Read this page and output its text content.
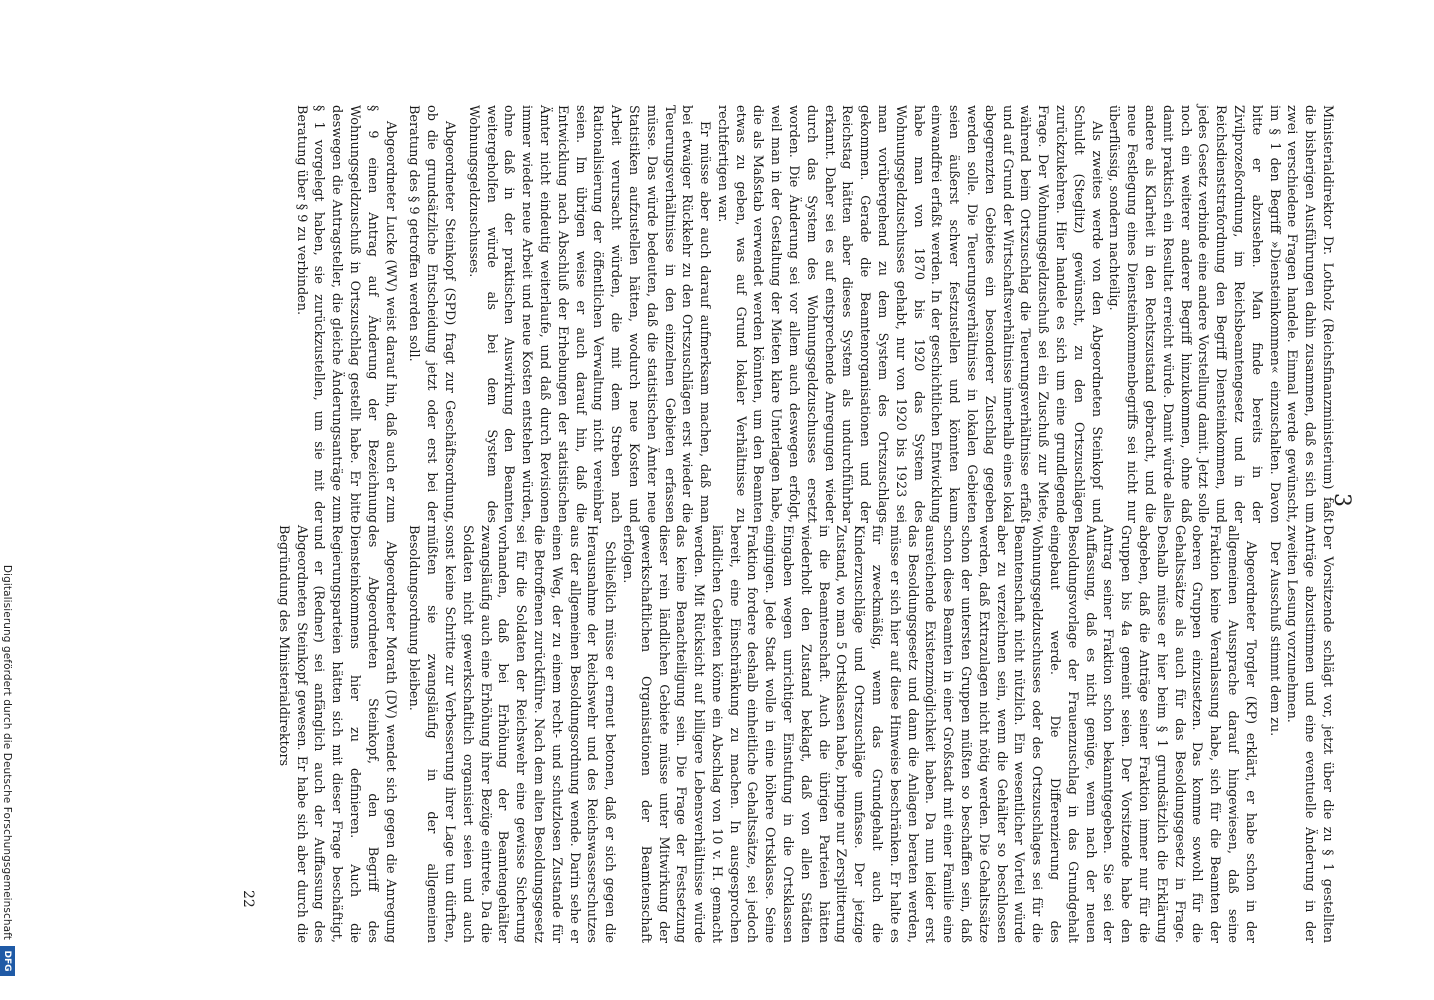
3

Ministerialdirektor Dr. Lotholz (Reichsfinanzministerium) faßt die bisherigen Ausführungen dahin zusammen, daß es sich um zwei verschiedene Fragen handele. Einmal werde gewünscht, im § 1 den Begriff »Diensteinkommen« einzuschalten. Davon bitte er abzusehen. Man finde bereits in der Zivilprozeßordnung, im Reichsbeamtengesetz und in der Reichsdienststrafordnung den Begriff Diensteinkommen, und jedes Gesetz verbinde eine andere Vorstellung damit. Jetzt solle noch ein weiterer anderer Begriff hinzukommen, ohne daß damit praktisch ein Resultat erreicht würde. Damit würde alles andere als Klarheit in den Rechtszustand gebracht, und die neue Festlegung eines Diensteinkommenbegriffs sei nicht nur überflüssig, sondern nachteilig.

Als zweites werde von den Abgeordneten Steinkopf und Schuldt (Steglitz) gewünscht, zu den Ortszuschlägen zurückzukehren. Hier handele es sich um eine grundlegende Frage. Der Wohnungsgeldzuschuß sei ein Zuschuß zur Miete, während beim Ortszuschlag die Teuerungsverhältnisse erfaßt und auf Grund der Wirtschaftsverhältnisse innerhalb eines lokal abgegrenzten Gebietes ein besonderer Zuschlag gegeben werden solle. Die Teuerungsverhältnisse in lokalen Gebieten seien äußerst schwer festzustellen und könnten kaum einwandfrei erfaßt werden. In der geschichtlichen Entwicklung habe man von 1870 bis 1920 das System des Wohnungsgeldzuschusses gehabt, nur von 1920 bis 1923 sei man vorübergehend zu dem System des Ortszuschlags gekommen. Gerade die Beamtenorganisationen und der Reichstag hätten aber dieses System als undurchführbar erkannt. Daher sei es auf entsprechende Anregungen wieder durch das System des Wohnungsgeldzuschusses ersetzt worden. Die Änderung sei vor allem auch deswegen erfolgt, weil man in der Gestaltung der Mieten klare Unterlagen habe, die als Maßstab verwendet werden könnten, um den Beamten etwas zu geben, was auf Grund lokaler Verhältnisse zu rechtfertigen war.

Er müsse aber auch darauf aufmerksam machen, daß man bei etwaiger Rückkehr zu den Ortszuschlägen erst wieder die Teuerungsverhältnisse in den einzelnen Gebieten erfassen müsse. Das würde bedeuten, daß die statistischen Ämter neue Statistiken aufzustellen hätten, wodurch neue Kosten und Arbeit verursacht würden, die mit dem Streben nach Rationalisierung der öffentlichen Verwaltung nicht vereinbar seien. Im übrigen weise er auch darauf hin, daß die Entwicklung nach Abschluß der Erhebungen der statistischen Ämter nicht eindeutig weiterlaufe, und daß durch Revisionen immer wieder neue Arbeit und neue Kosten entstehen würden, ohne daß in der praktischen Auswirkung den Beamten weitergeholfen würde als bei dem System des Wohnungsgeldzuschusses.

Abgeordneter Steinkopf (SPD) fragt zur Geschäftsordnung, ob die grundsätzliche Entscheidung jetzt oder erst bei der Beratung des § 9 getroffen werden soll.

Abgeordneter Lucke (WV) weist darauf hin, daß auch er zum § 9 einen Antrag auf Änderung der Bezeichnung Wohnungsgeldzuschuß in Ortszuschlag gestellt habe. Er bitte deswegen die Antragsteller, die gleiche Änderungsanträge zum § 1 vorgelegt haben, sie zurückzustellen, um sie mit der Beratung über § 9 zu verbinden.

Der Vorsitzende schlägt vor, jetzt über die zu § 1 gestellten Anträge abzustimmen und eine eventuelle Änderung in der zweiten Lesung vorzunehmen.

Der Ausschuß stimmt dem zu.

Abgeordneter Torgler (KP) erklärt, er habe schon in der allgemeinen Aussprache darauf hingewiesen, daß seine Fraktion keine Veranlassung habe, sich für die Beamten der oberen Gruppen einzusetzen. Das komme sowohl für die Gehaltssätze als auch für das Besoldungsgesetz in Frage. Deshalb müsse er hier beim § 1 grundsätzlich die Erklärung abgeben, daß die Anträge seiner Fraktion immer nur für die Gruppen bis 4a gemeint seien. Der Vorsitzende habe den Antrag seiner Fraktion schon bekanntgegeben. Sie sei der Auffassung, daß es nicht genüge, wenn nach der neuen Besoldungsvorlage der Frauenzuschlag in das Grundgehalt eingebaut werde. Die Differenzierung des Wohnungsgeldzuschusses oder des Ortszuschlages sei für die Beamtenschaft nicht nützlich. Ein wesentlicher Vorteil würde aber zu verzeichnen sein, wenn die Gehälter so beschlossen werden, daß Extrazulagen nicht nötig werden. Die Gehaltssätze schon der untersten Gruppen müßten so beschaffen sein, daß schon diese Beamten in einer Großstadt mit einer Familie eine ausreichende Existenzmöglichkeit haben. Da nun leider erst das Besoldungsgesetz und dann die Anlagen beraten werden, müsse er sich hier auf diese Hinweise beschränken. Er halte es für zweckmäßig, wenn das Grundgehalt auch die Kinderzuschläge und Ortszuschläge umfasse. Der jetzige Zustand, wo man 5 Ortsklassen habe, bringe nur Zersplitterung in die Beamtenschaft. Auch die übrigen Parteien hätten wiederholt den Zustand beklagt, daß von allen Städten Eingaben wegen unrichtiger Einstufung in die Ortsklassen eingingen. Jede Stadt wolle in eine höhere Ortsklasse. Seine Fraktion fordere deshalb einheitliche Gehaltssätze, sei jedoch bereit, eine Einschränkung zu machen. In ausgesprochen ländlichen Gebieten könne ein Abschlag von 10 v. H. gemacht werden. Mit Rücksicht auf billigere Lebensverhältnisse würde das keine Benachteiligung sein. Die Frage der Festsetzung dieser rein ländlichen Gebiete müsse unter Mitwirkung der gewerkschaftlichen Organisationen der Beamtenschaft erfolgen.

Schließlich müsse er erneut betonen, daß er sich gegen die Herausnahme der Reichswehr und des Reichswasserschutzes aus der allgemeinen Besoldungsordnung wende. Darin sehe er einen Weg, der zu einem recht- und schutzlosen Zustande für die Betroffenen zurückführe. Nach dem alten Besoldungsgesetz sei für die Soldaten der Reichswehr eine gewisse Sicherung vorhanden, daß bei Erhöhung der Beamtengehälter zwangsläufig auch eine Erhöhung ihrer Bezüge eintrete. Da die Soldaten nicht gewerkschaftlich organisiert seien und auch sonst keine Schritte zur Verbesserung ihrer Lage tun dürften, müßten sie zwangsläufig in der allgemeinen Besoldungsordnung bleiben.

Abgeordneter Morath (DV) wendet sich gegen die Anregung des Abgeordneten Steinkopf, den Begriff des Diensteinkommens hier zu definieren. Auch die Regierungsparteien hätten sich mit dieser Frage beschäftigt, und er (Redner) sei anfänglich auch der Auffassung des Abgeordneten Steinkopf gewesen. Er habe sich aber durch die Begründung des Ministerialdirektors

22
Digitalisierung gefördert durch die Deutsche Forschungsgemeinschaft
DFG
